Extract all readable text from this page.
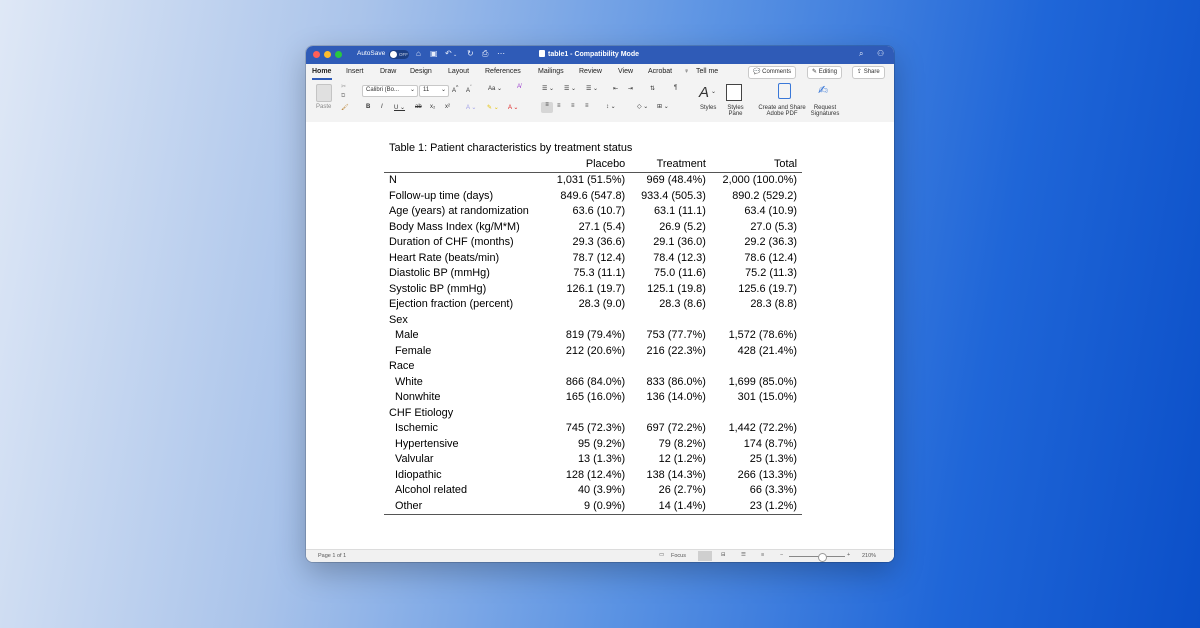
AutoSave	OFF ⌂ ▣ ↶ ⌄ ↻ ⎙ ⋯	table1 - Compatibility Mode	⌕ ⚇
Home Insert Draw Design Layout References Mailings Review View Acrobat ♀ Tell me	💬 Comments	✎ Editing	⇪ Share
Paste
✂
⧉
🖌
Calibri (Bo... ⌄ 11 ⌄ A^ $A^ˇ$	Aa ⌄ A̸
B I U ⌄ ab x₂ x²	A ⌄ ✎ ⌄ A ⌄
☰ ⌄ ☰ ⌄ ☰ ⌄ ⇤ ⇥	⇅	¶
≡	≡ ≡ ≡	↕ ⌄	◇ ⌄ ⊞ ⌄
A ⌄
Styles	Styles Pane
Create and Share Adobe PDF
✍
Request Signatures
Table 1: Patient characteristics by treatment status			
	Placebo	Treatment	Total
N	1,031 (51.5%)	969 (48.4%)	2,000 (100.0%)
Follow-up time (days)	849.6 (547.8)	933.4 (505.3)	890.2 (529.2)
Age (years) at randomization	63.6 (10.7)	63.1 (11.1)	63.4 (10.9)
Body Mass Index (kg/M*M)	27.1 (5.4)	26.9 (5.2)	27.0 (5.3)
Duration of CHF (months)	29.3 (36.6)	29.1 (36.0)	29.2 (36.3)
Heart Rate (beats/min)	78.7 (12.4)	78.4 (12.3)	78.6 (12.4)
Diastolic BP (mmHg)	75.3 (11.1)	75.0 (11.6)	75.2 (11.3)
Systolic BP (mmHg)	126.1 (19.7)	125.1 (19.8)	125.6 (19.7)
Ejection fraction (percent)	28.3 (9.0)	28.3 (8.6)	28.3 (8.8)
Sex			
Male	819 (79.4%)	753 (77.7%)	1,572 (78.6%)
Female	212 (20.6%)	216 (22.3%)	428 (21.4%)
Race			
White	866 (84.0%)	833 (86.0%)	1,699 (85.0%)
Nonwhite	165 (16.0%)	136 (14.0%)	301 (15.0%)
CHF Etiology			
Ischemic	745 (72.3%)	697 (72.2%)	1,442 (72.2%)
Hypertensive	95 (9.2%)	79 (8.2%)	174 (8.7%)
Valvular	13 (1.3%)	12 (1.2%)	25 (1.3%)
Idiopathic	128 (12.4%)	138 (14.3%)	266 (13.3%)
Alcohol related	40 (3.9%)	26 (2.7%)	66 (3.3%)
Other	9 (0.9%)	14 (1.4%)	23 (1.2%)
Page 1 of 1	▭ Focus	⊟	☰	≡	−	+ 210%
